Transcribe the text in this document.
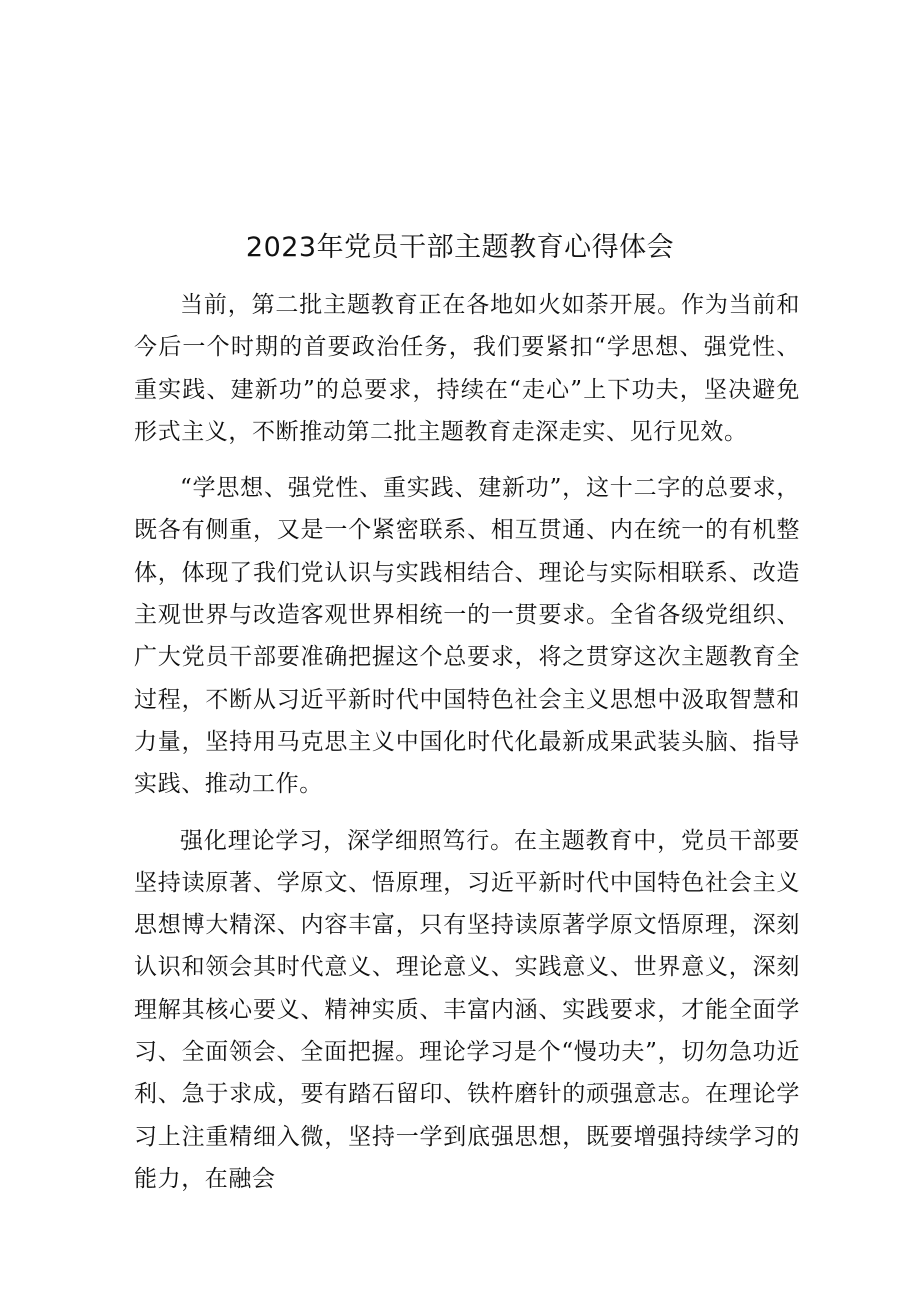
2023年党员干部主题教育心得体会

当前，第二批主题教育正在各地如火如荼开展。作为当前和今后一个时期的首要政治任务，我们要紧扣“学思想、强党性、重实践、建新功”的总要求，持续在“走心”上下功夫，坚决避免形式主义，不断推动第二批主题教育走深走实、见行见效。

“学思想、强党性、重实践、建新功”，这十二字的总要求，既各有侧重，又是一个紧密联系、相互贯通、内在统一的有机整体，体现了我们党认识与实践相结合、理论与实际相联系、改造主观世界与改造客观世界相统一的一贯要求。全省各级党组织、广大党员干部要准确把握这个总要求，将之贯穿这次主题教育全过程，不断从习近平新时代中国特色社会主义思想中汲取智慧和力量，坚持用马克思主义中国化时代化最新成果武装头脑、指导实践、推动工作。

强化理论学习，深学细照笃行。在主题教育中，党员干部要坚持读原著、学原文、悟原理，习近平新时代中国特色社会主义思想博大精深、内容丰富，只有坚持读原著学原文悟原理，深刻认识和领会其时代意义、理论意义、实践意义、世界意义，深刻理解其核心要义、精神实质、丰富内涵、实践要求，才能全面学习、全面领会、全面把握。理论学习是个“慢功夫”，切勿急功近利、急于求成，要有踏石留印、铁杵磨针的顽强意志。在理论学习上注重精细入微，坚持一学到底强思想，既要增强持续学习的能力，在融会
